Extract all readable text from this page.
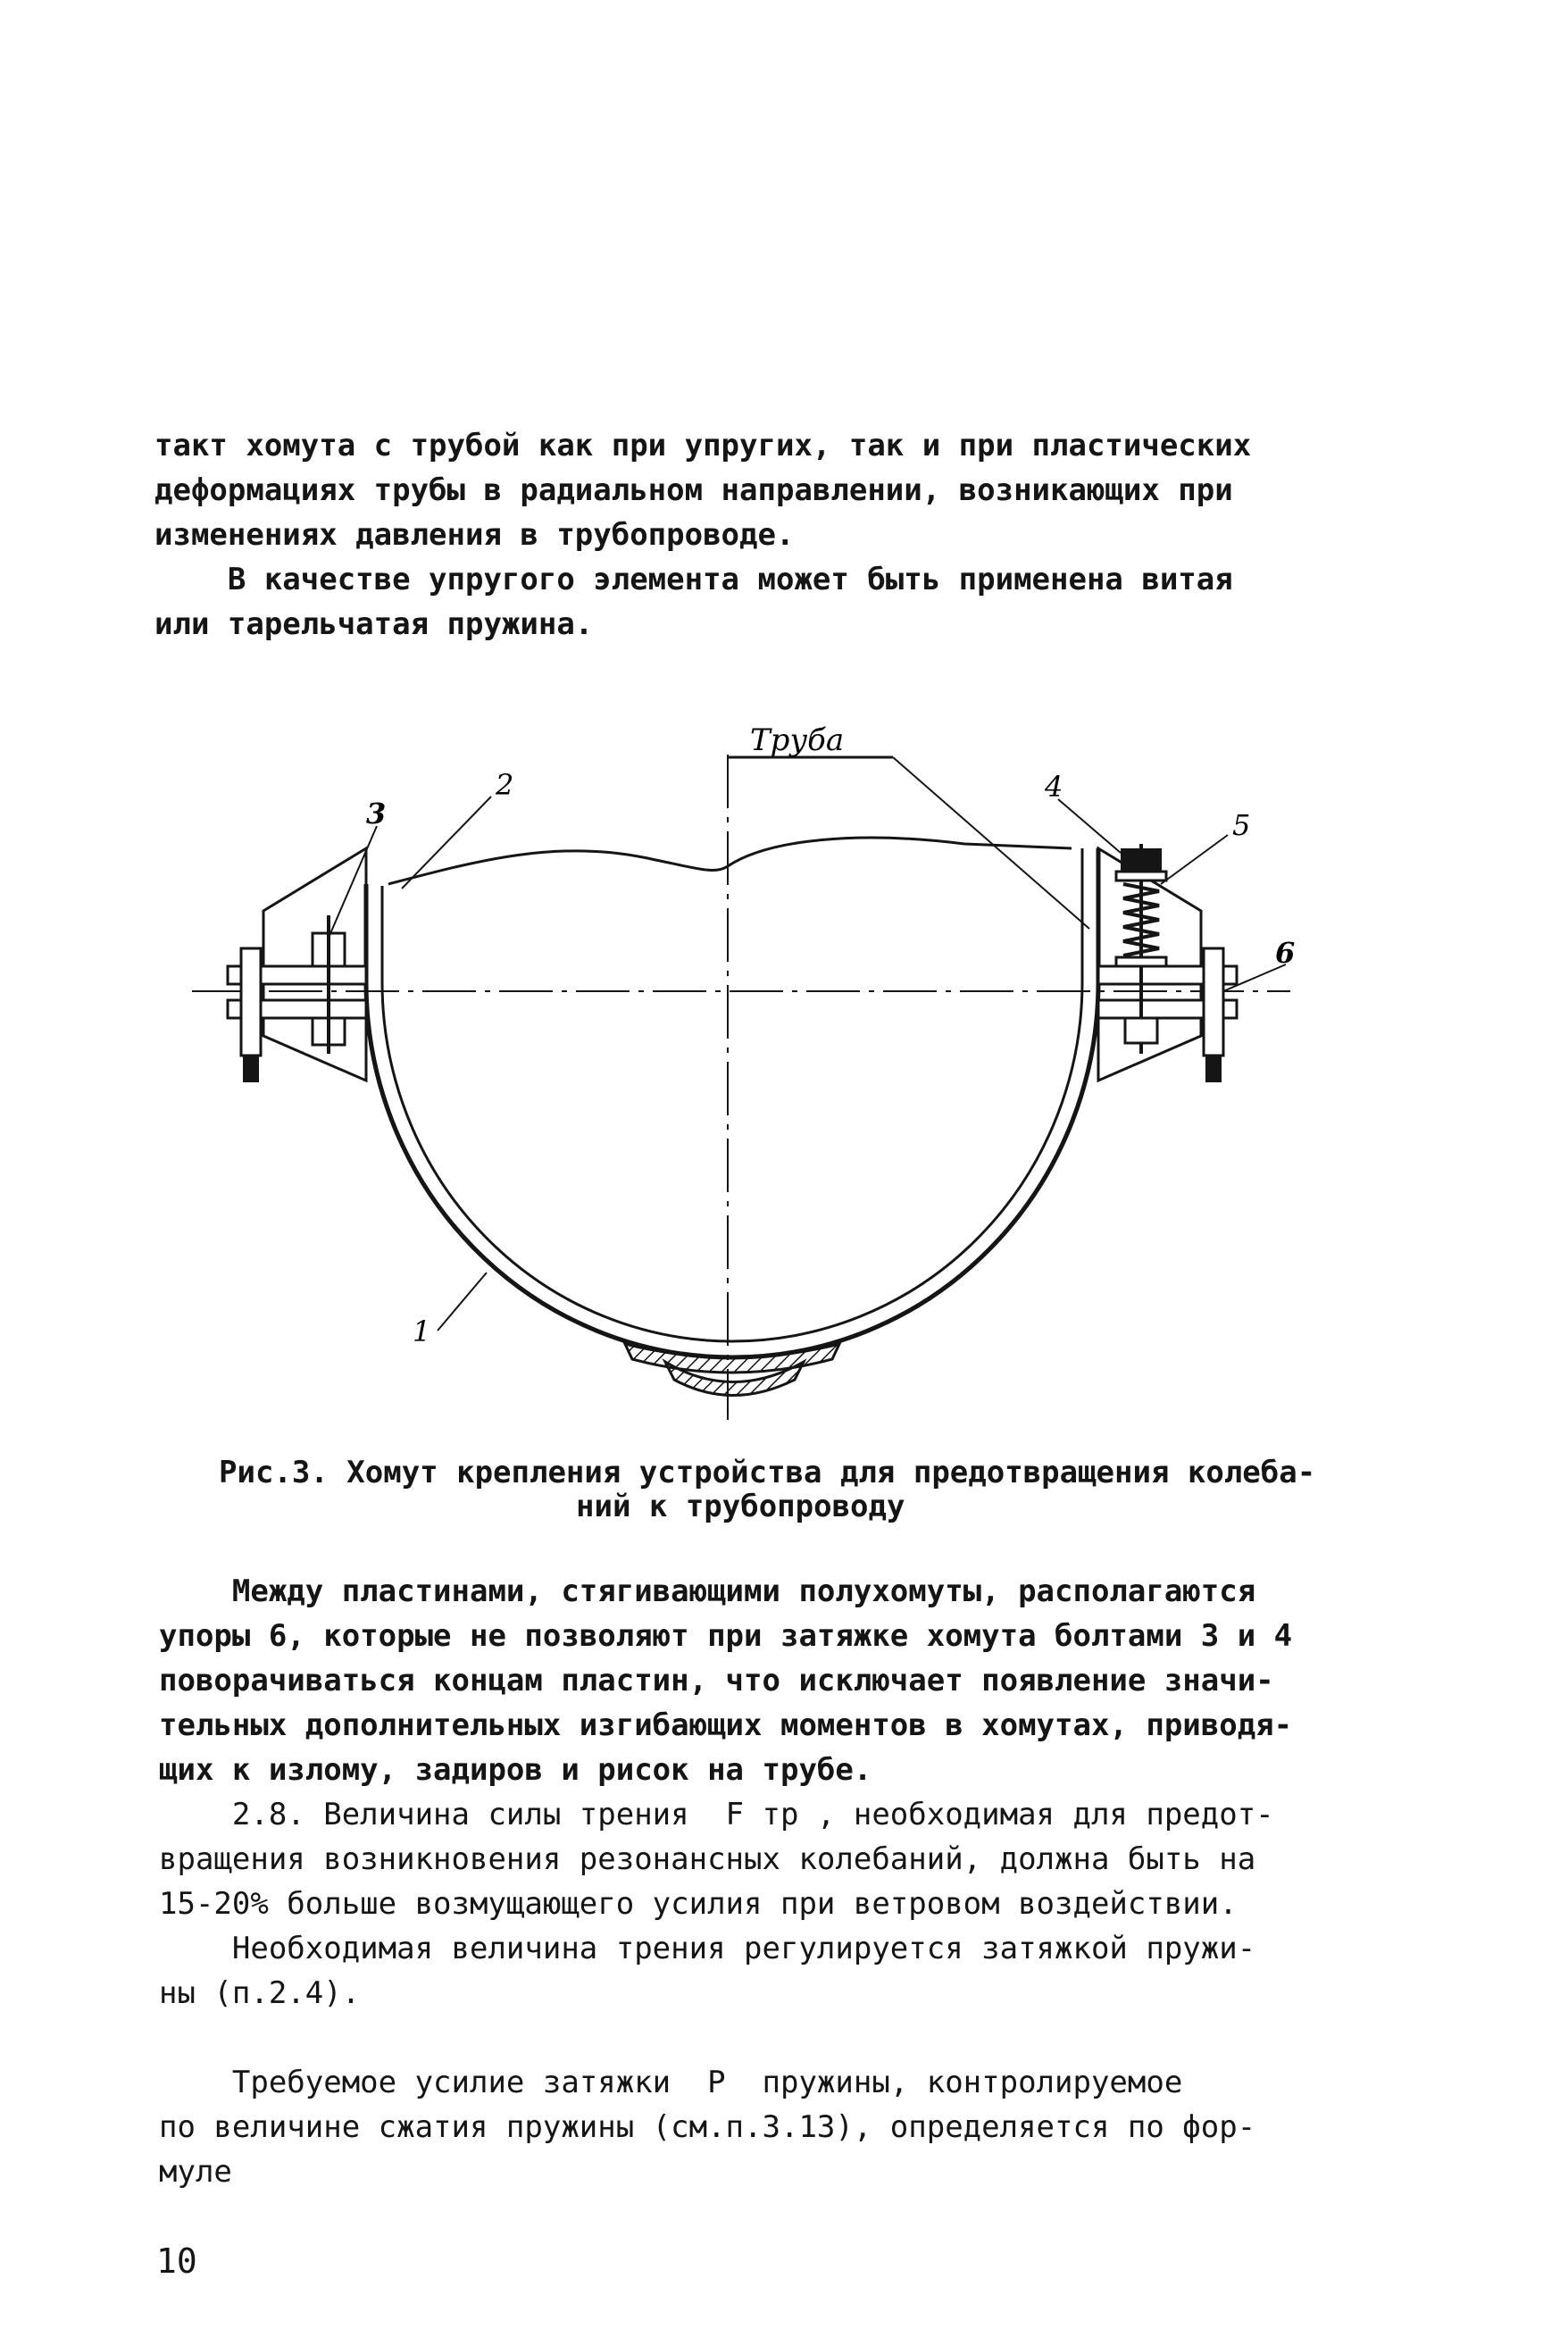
такт хомута с трубой как при упругих, так и при пластических
деформациях трубы в радиальном направлении, возникающих при
изменениях давления в трубопроводе.
В качестве упругого элемента может быть применена витая
или тарельчатая пружина.
Труба
1
2
3
4
5
6
Рис.3. Хомут крепления устройства для предотвращения колеба-
ний к трубопроводу
Между пластинами, стягивающими полухомуты, располагаются
упоры 6, которые не позволяют при затяжке хомута болтами 3 и 4
поворачиваться концам пластин, что исключает появление значи-
тельных дополнительных изгибающих моментов в хомутах, приводя-
щих к излому, задиров и рисок на трубе.
2.8. Величина силы трения  F тр , необходимая для предот-
вращения возникновения резонансных колебаний, должна быть на
15-20% больше возмущающего усилия при ветровом воздействии.
Необходимая величина трения регулируется затяжкой пружи-
ны (п.2.4).
Требуемое усилие затяжки  P  пружины, контролируемое
по величине сжатия пружины (см.п.3.13), определяется по фор-
муле
10
